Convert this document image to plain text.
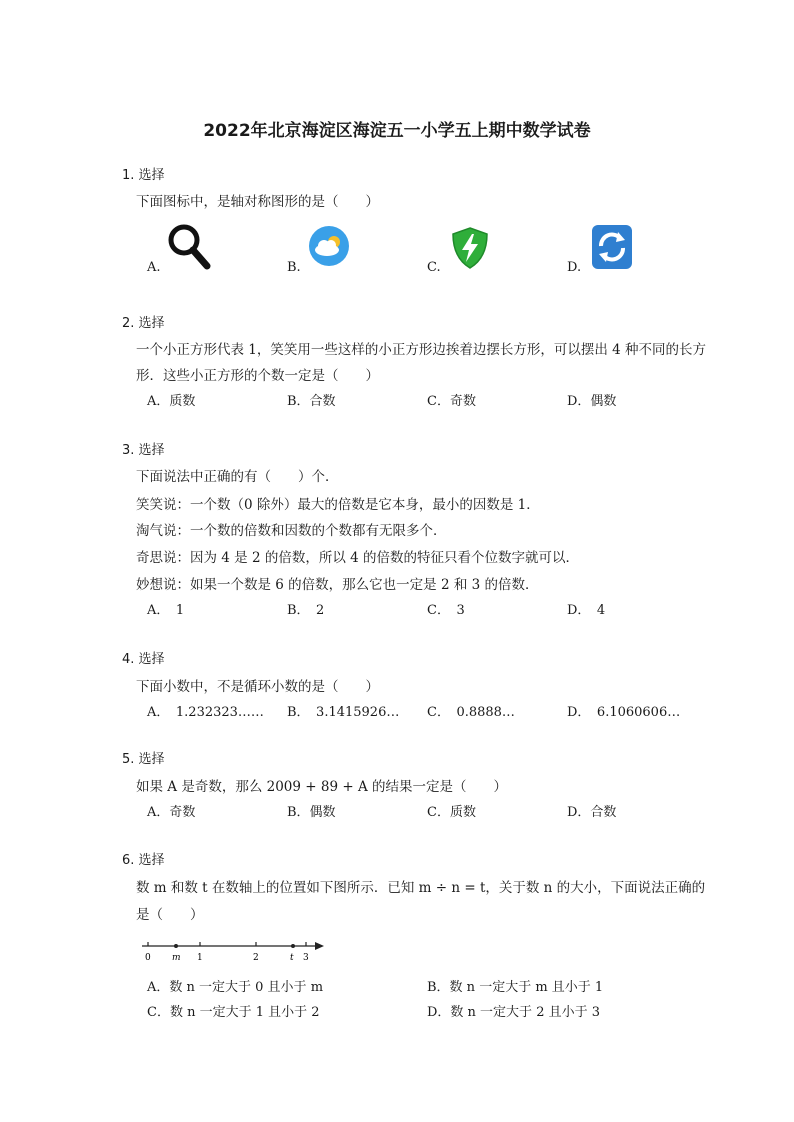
2022年北京海淀区海淀五一小学五上期中数学试卷
1. 选择
下面图标中，是轴对称图形的是（　　）
A.	B.	C.	D.
2. 选择
一个小正方形代表 1，笑笑用一些这样的小正方形边挨着边摆长方形，可以摆出 4 种不同的长方
形．这些小正方形的个数一定是（　　）
A．质数	B．合数	C．奇数	D．偶数
3. 选择
下面说法中正确的有（　　）个．
笑笑说：一个数（0 除外）最大的倍数是它本身，最小的因数是 1．
淘气说：一个数的倍数和因数的个数都有无限多个．
奇思说：因为 4 是 2 的倍数，所以 4 的倍数的特征只看个位数字就可以．
妙想说：如果一个数是 6 的倍数，那么它也一定是 2 和 3 的倍数．
A．　1	B．　2	C．　3	D．　4
4. 选择
下面小数中，不是循环小数的是（　　）
A．　1.232323…… B．　3.1415926… C．　0.8888…	D．　6.1060606…
5. 选择
如果 A 是奇数，那么 2009 + 89 + A 的结果一定是（　　）
A．奇数	B．偶数	C．质数	D．合数
6. 选择
数 m 和数 t 在数轴上的位置如下图所示．已知 m ÷ n = t，关于数 n 的大小，下面说法正确的
是（　　）
0 m 1	2	t 3
A．数 n 一定大于 0 且小于 m	B．数 n 一定大于 m 且小于 1
C．数 n 一定大于 1 且小于 2	D．数 n 一定大于 2 且小于 3
